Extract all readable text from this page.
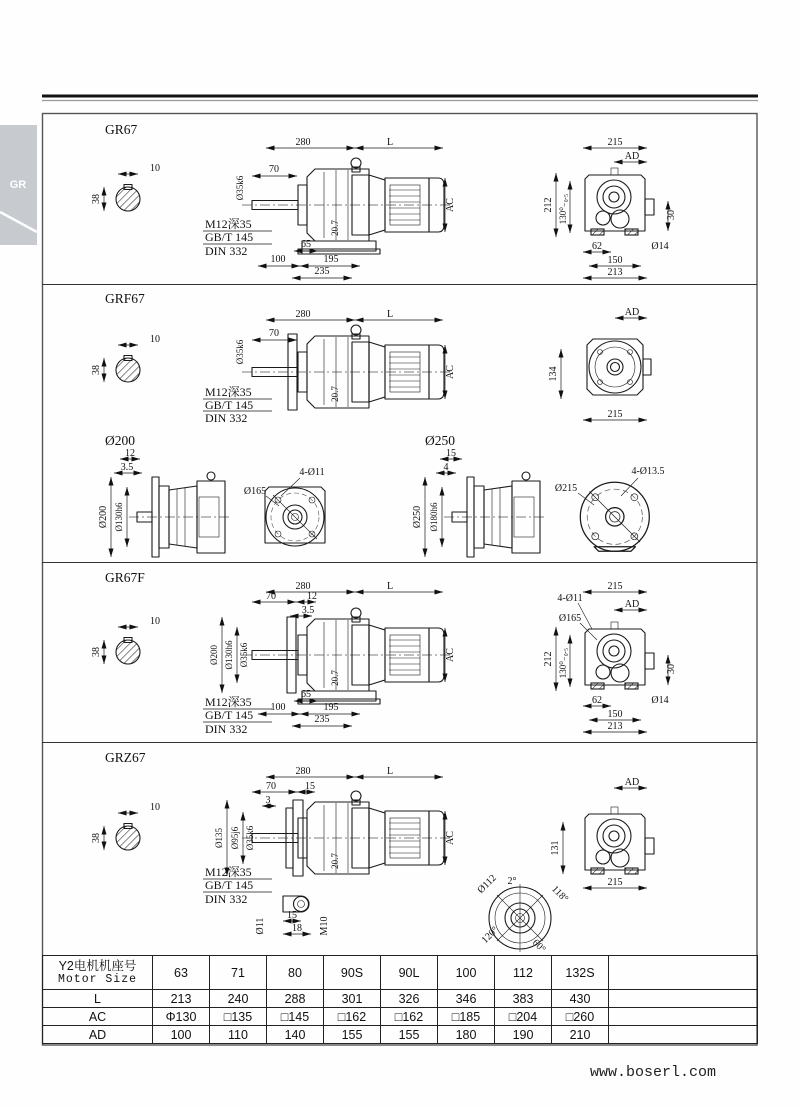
GR
GR67
10
38
280	L
70
Ø35k6
20.7
AC
M12深35
GB/T 145
DIN 332	65
100	195
235
215
AD
212 130⁰₋₀.₅	30
Ø14
62
150
213
GRF67
10
38
280	L
70
Ø35k6
20.7
AC
M12深35
GB/T 145
DIN 332
AD
134
215
Ø200
12
3.5
Ø200 Ø130h6
4-Ø11
Ø165
Ø250
15
4
Ø250 Ø180h6
4-Ø13.5
Ø215
GR67F
10
38
280	L
70	12
3.5
Ø200 Ø130h6 Ø35k6
20.7
AC
M12深35
GB/T 145
DIN 332
65
100	195
235
215
4-Ø11
AD
Ø165
212 130⁰₋₀.₅	30
Ø14
62
150
213
GRZ67
10
38
280	L
70	15
3
Ø135 Ø95j6 Ø35k6
20.7
AC
M12深35
GB/T 145
DIN 332
15
18
Ø11	M10
AD
131
215
Ø112 2°
118°
120°
60°
Y2电机机座号
Motor Size	63	71	80	90S	90L	100	112	132S	
L	213	240	288	301	326	346	383	430	
AC	Φ130	□135	□145	□162	□162	□185	□204	□260	
AD	100	110	140	155	155	180	190	210	
www.boserl.com
